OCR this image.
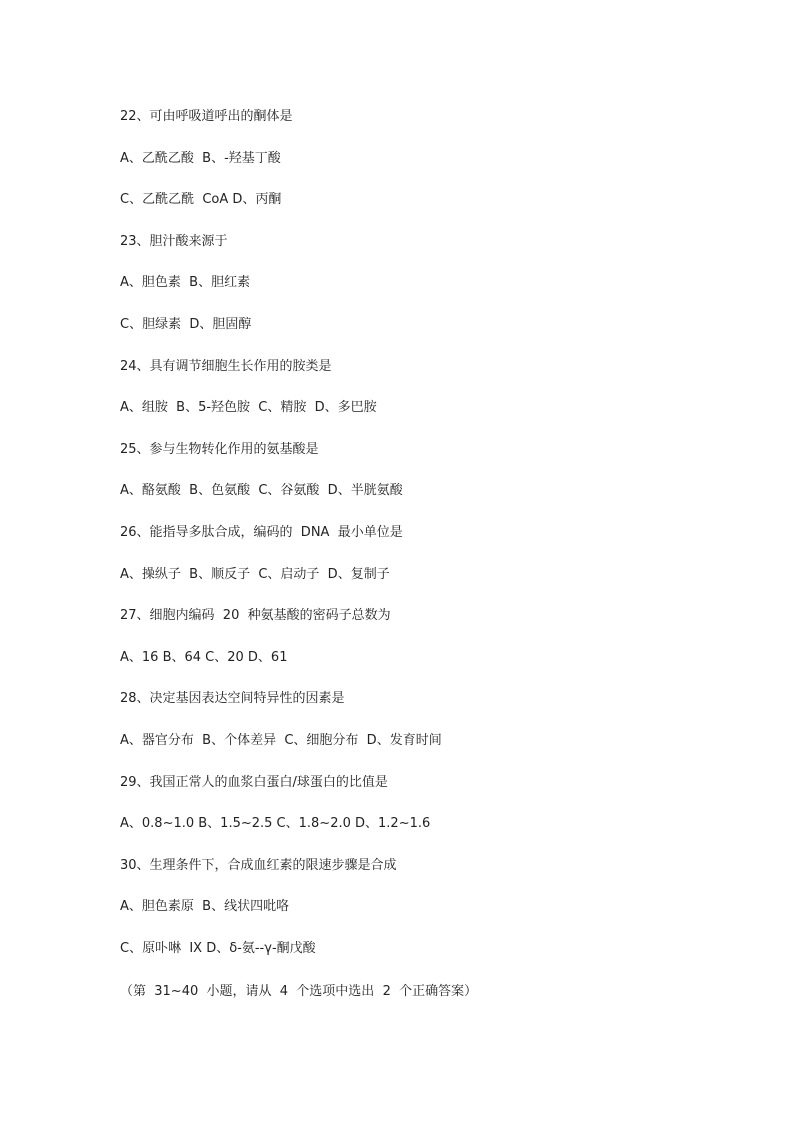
22、可由呼吸道呼出的酮体是
A、乙酰乙酸  B、-羟基丁酸
C、乙酰乙酰  CoA D、丙酮
23、胆汁酸来源于
A、胆色素  B、胆红素
C、胆绿素  D、胆固醇
24、具有调节细胞生长作用的胺类是
A、组胺  B、5-羟色胺  C、精胺  D、多巴胺
25、参与生物转化作用的氨基酸是
A、酪氨酸  B、色氨酸  C、谷氨酸  D、半胱氨酸
26、能指导多肽合成，编码的  DNA  最小单位是
A、操纵子  B、顺反子  C、启动子  D、复制子
27、细胞内编码  20  种氨基酸的密码子总数为
A、16 B、64 C、20 D、61
28、决定基因表达空间特异性的因素是
A、器官分布  B、个体差异  C、细胞分布  D、发育时间
29、我国正常人的血浆白蛋白/球蛋白的比值是
A、0.8~1.0 B、1.5~2.5 C、1.8~2.0 D、1.2~1.6
30、生理条件下，合成血红素的限速步骤是合成
A、胆色素原  B、线状四吡咯
C、原卟啉  IX D、δ-氨--γ-酮戊酸
（第  31~40  小题，请从  4  个选项中选出  2  个正确答案）
